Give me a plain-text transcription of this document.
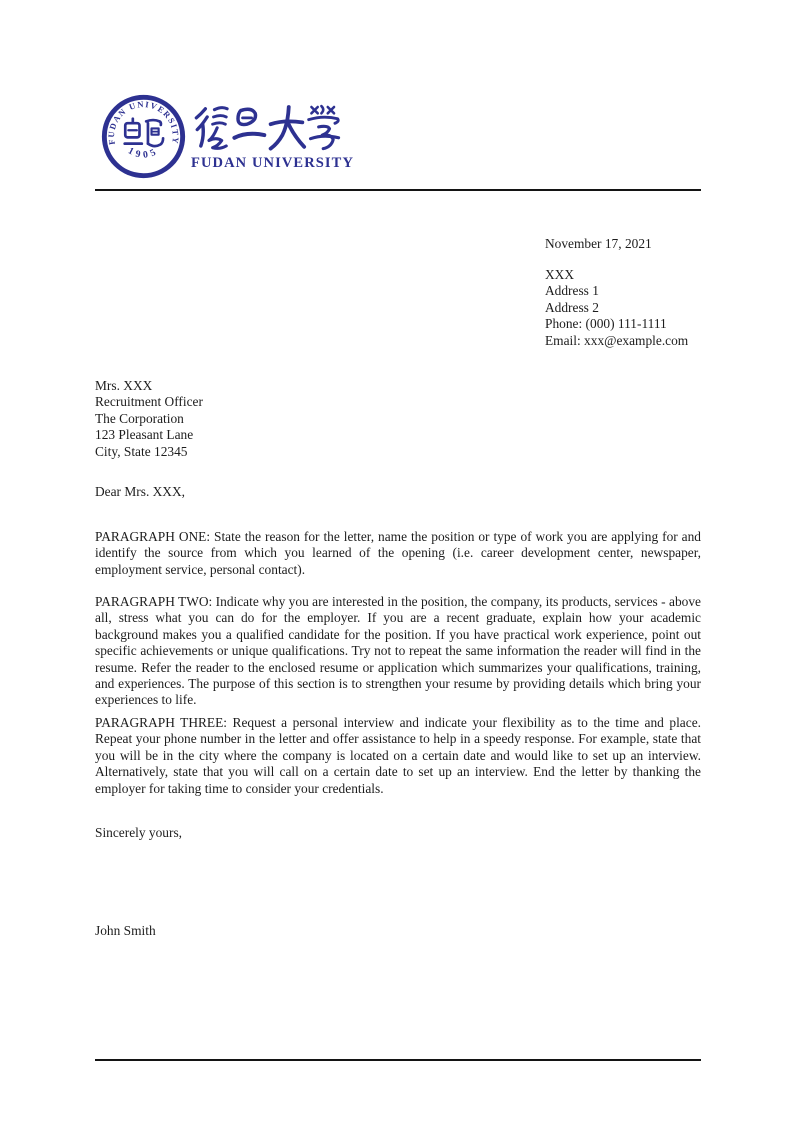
FUDAN UNIVERSITY
1905
FUDAN UNIVERSITY
November 17, 2021
XXX
Address 1
Address 2
Phone: (000) 111-1111
Email: xxx@example.com
Mrs. XXX
Recruitment Officer
The Corporation
123 Pleasant Lane
City, State 12345
Dear Mrs. XXX,

PARAGRAPH ONE: State the reason for the letter, name the position or type of work you are applying for and identify the source from which you learned of the opening (i.e. career development center, newspaper, employment service, personal contact).

PARAGRAPH TWO: Indicate why you are interested in the position, the company, its products, services - above all, stress what you can do for the employer. If you are a recent graduate, explain how your academic background makes you a qualified candidate for the position. If you have practical work experience, point out specific achievements or unique qualifications. Try not to repeat the same information the reader will find in the resume. Refer the reader to the enclosed resume or application which summarizes your qualifications, training, and experiences. The purpose of this section is to strengthen your resume by providing details which bring your experiences to life.

PARAGRAPH THREE: Request a personal interview and indicate your flexibility as to the time and place. Repeat your phone number in the letter and offer assistance to help in a speedy response. For example, state that you will be in the city where the company is located on a certain date and would like to set up an interview. Alternatively, state that you will call on a certain date to set up an interview. End the letter by thanking the employer for taking time to consider your credentials.

Sincerely yours,
John Smith
